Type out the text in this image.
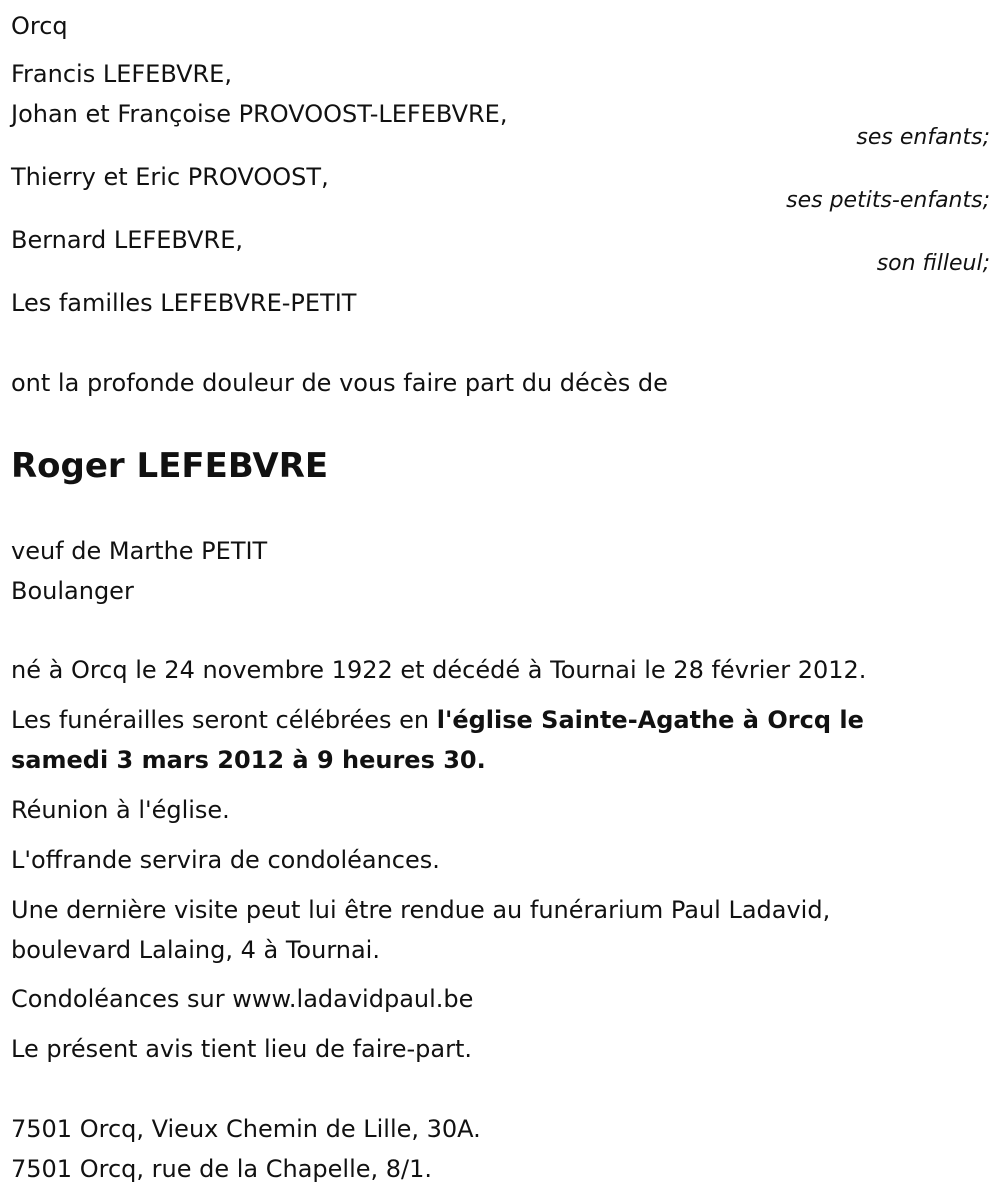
Orcq
Francis LEFEBVRE,
Johan et Françoise PROVOOST-LEFEBVRE,
ses enfants;
Thierry et Eric PROVOOST,
ses petits-enfants;
Bernard LEFEBVRE,
son filleul;
Les familles LEFEBVRE-PETIT
ont la profonde douleur de vous faire part du décès de
Roger LEFEBVRE
veuf de Marthe PETIT
Boulanger
né à Orcq le 24 novembre 1922 et décédé à Tournai le 28 février 2012.
Les funérailles seront célébrées en l'église Sainte-Agathe à Orcq le
samedi 3 mars 2012 à 9 heures 30.
Réunion à l'église.
L'offrande servira de condoléances.
Une dernière visite peut lui être rendue au funérarium Paul Ladavid,
boulevard Lalaing, 4 à Tournai.
Condoléances sur www.ladavidpaul.be
Le présent avis tient lieu de faire-part.
7501 Orcq, Vieux Chemin de Lille, 30A.
7501 Orcq, rue de la Chapelle, 8/1.
